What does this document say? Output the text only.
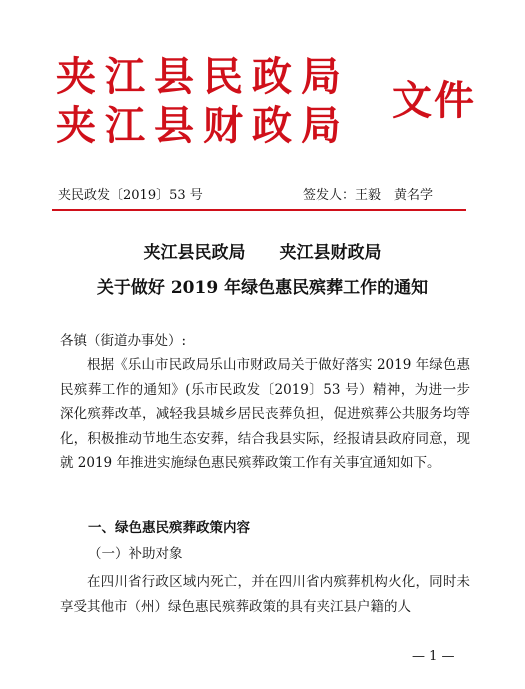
夹江县民政局
夹江县财政局
文件
夹民政发〔2019〕53 号	签发人：王毅　黄名学
夹江县民政局　　夹江县财政局
关于做好 2019 年绿色惠民殡葬工作的通知
各镇（街道办事处）:
根据《乐山市民政局乐山市财政局关于做好落实 2019 年绿色惠民殡葬工作的通知》(乐市民政发〔2019〕53 号）精神，为进一步深化殡葬改革，减轻我县城乡居民丧葬负担，促进殡葬公共服务均等化，积极推动节地生态安葬，结合我县实际，经报请县政府同意，现就 2019 年推进实施绿色惠民殡葬政策工作有关事宜通知如下。
一、绿色惠民殡葬政策内容
（一）补助对象
在四川省行政区域内死亡，并在四川省内殡葬机构火化，同时未享受其他市（州）绿色惠民殡葬政策的具有夹江县户籍的人
— 1 —
